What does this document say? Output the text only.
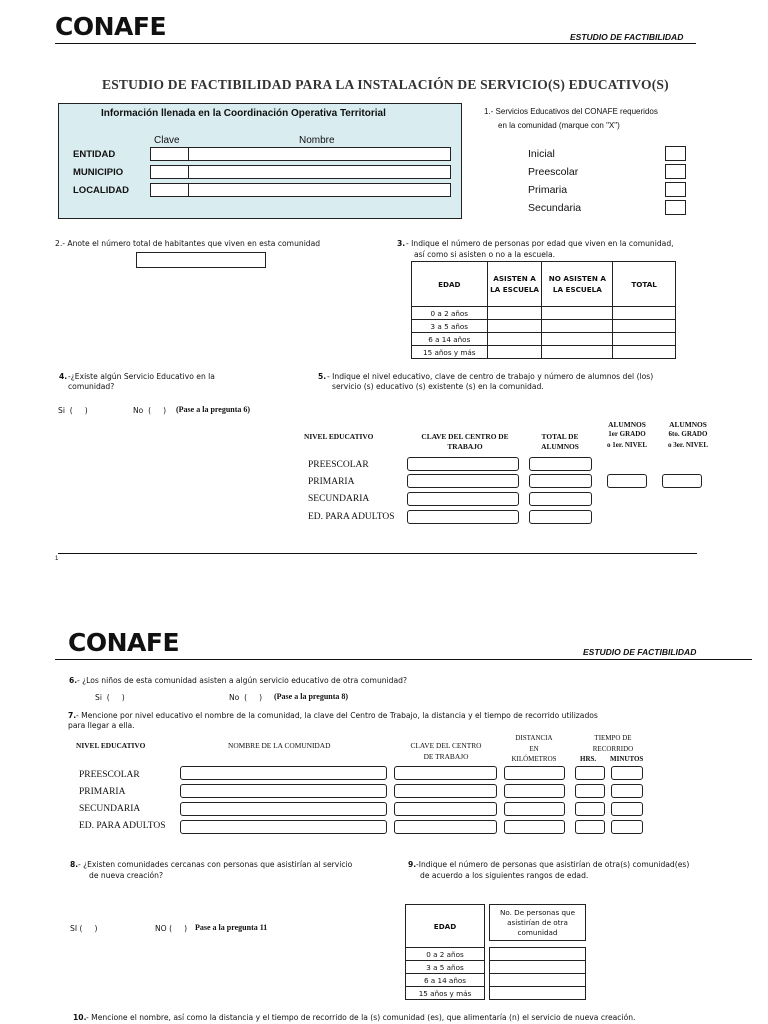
CONAFE	ESTUDIO DE FACTIBILIDAD
ESTUDIO DE FACTIBILIDAD PARA LA INSTALACIÓN DE SERVICIO(S) EDUCATIVO(S)
Información llenada en la Coordinación Operativa Territorial
Clave	Nombre
ENTIDAD
MUNICIPIO
LOCALIDAD
1.- Servicios Educativos del CONAFE requeridos
en la comunidad (marque con "X")
Inicial
Preescolar
Primaria
Secundaria
2.- Anote el número total de habitantes que viven en esta comunidad	3. - Indique el número de personas por edad que viven en la comunidad,
así como si asisten o no a la escuela.
EDAD	ASISTEN A LA ESCUELA	NO ASISTEN A LA ESCUELA	TOTAL
0 a 2 años			
3 a 5 años			
6 a 14 años			
15 años y más			
4. -¿Existe algún Servicio Educativo en la
comunidad?
Si  (     )	No  (     ) (Pase a la pregunta 6)
5. - Indique el nivel educativo, clave de centro de trabajo y número de alumnos del (los)
servicio (s) educativo (s) existente (s) en la comunidad.
NIVEL EDUCATIVO	CLAVE DEL CENTRO DE TRABAJO
TOTAL DE ALUMNOS
ALUMNOS
1er GRADO
o 1er. NIVEL
ALUMNOS
6to. GRADO
o 3er. NIVEL
PREESCOLAR
PRIMARIA
SECUNDARIA
ED. PARA ADULTOS
1
CONAFE	ESTUDIO DE FACTIBILIDAD
6. - ¿Los niños de esta comunidad asisten a algún servicio educativo de otra comunidad?
Si  (     )	No  (     ) (Pase a la pregunta 8)
7. - Mencione por nivel educativo el nombre de la comunidad, la clave del Centro de Trabajo, la distancia y el tiempo de recorrido utilizados
para llegar a ella.
NIVEL EDUCATIVO	NOMBRE DE LA COMUNIDAD	CLAVE DEL CENTRO
DE TRABAJO
DISTANCIA
EN
KILÓMETROS
TIEMPO DE
RECORRIDO
HRS. MINUTOS
PREESCOLAR
PRIMARIA
SECUNDARIA
ED. PARA ADULTOS
8. - ¿Existen comunidades cercanas con personas que asistirían al servicio
de nueva creación?
SI (     )	NO (     ) Pase a la pregunta 11
9. -Indique el número de personas que asistirían de otra(s) comunidad(es)
de acuerdo a los siguientes rangos de edad.
EDAD
0 a 2 años
3 a 5 años
6 a 14 años
15 años y más
No. De personas que asistirían de otra comunidad

10. - Mencione el nombre, así como la distancia y el tiempo de recorrido de la (s) comunidad (es), que alimentaría (n) el servicio de nueva creación.
